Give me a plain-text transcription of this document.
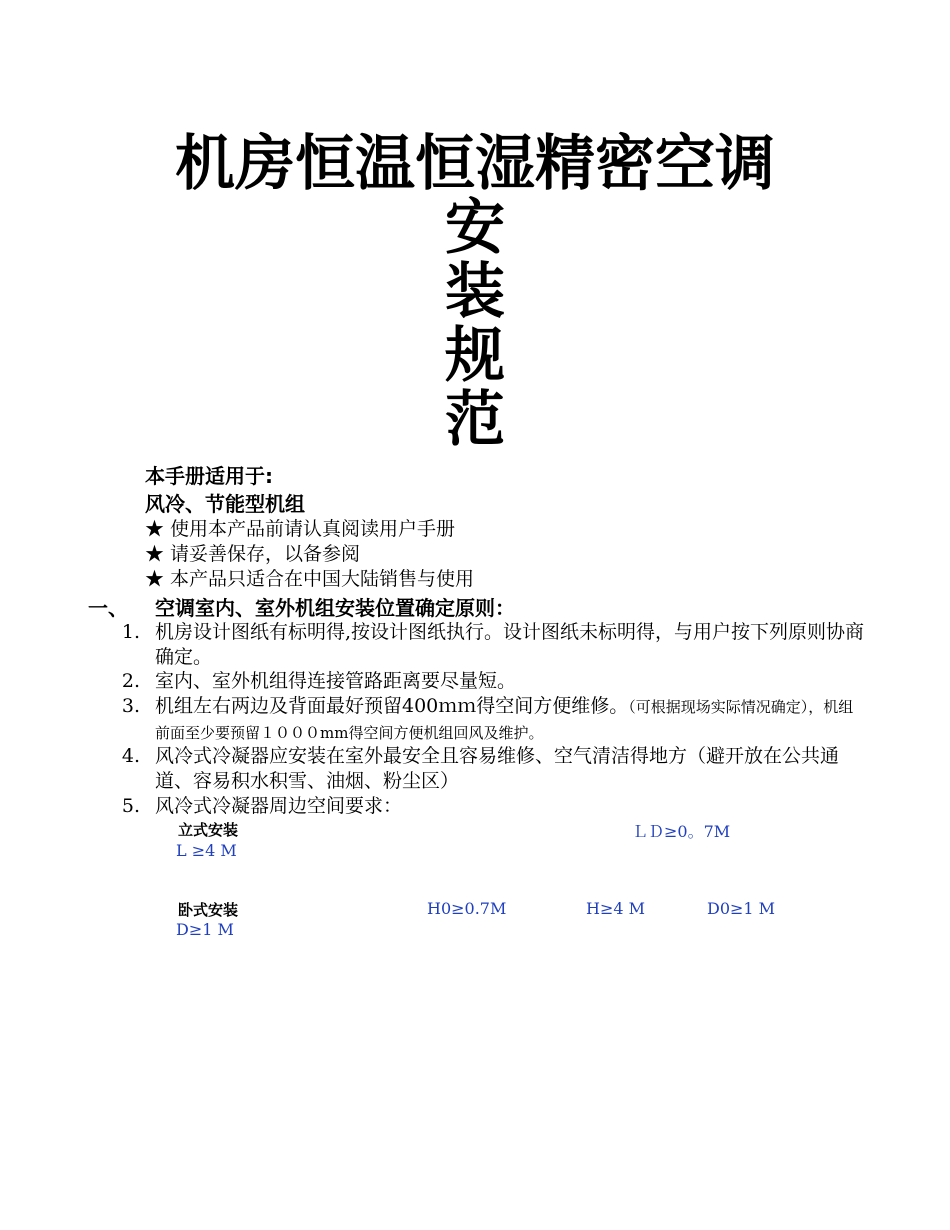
机房恒温恒湿精密空调
安
装
规
范
本手册适用于:
风冷、节能型机组
★ 使用本产品前请认真阅读用户手册
★ 请妥善保存，以备参阅
★ 本产品只适合在中国大陆销售与使用
一、 空调室内、室外机组安装位置确定原则：
1. 机房设计图纸有标明得,按设计图纸执行。设计图纸未标明得，与用户按下列原则协商确定。
2. 室内、室外机组得连接管路距离要尽量短。
3. 机组左右两边及背面最好预留400ｍｍ得空间方便维修。（可根据现场实际情况确定），机组前面至少要预留１０００mm得空间方便机组回风及维护。
4. 风冷式冷凝器应安装在室外最安全且容易维修、空气清洁得地方（避开放在公共通道、容易积水积雪、油烟、粉尘区）
5. 风冷式冷凝器周边空间要求：
立式安装	ＬＤ≥0。7M
L ≥4 M
卧式安装	H0≥0.7M	H≥4 M	D0≥1 M
D≥1 M
